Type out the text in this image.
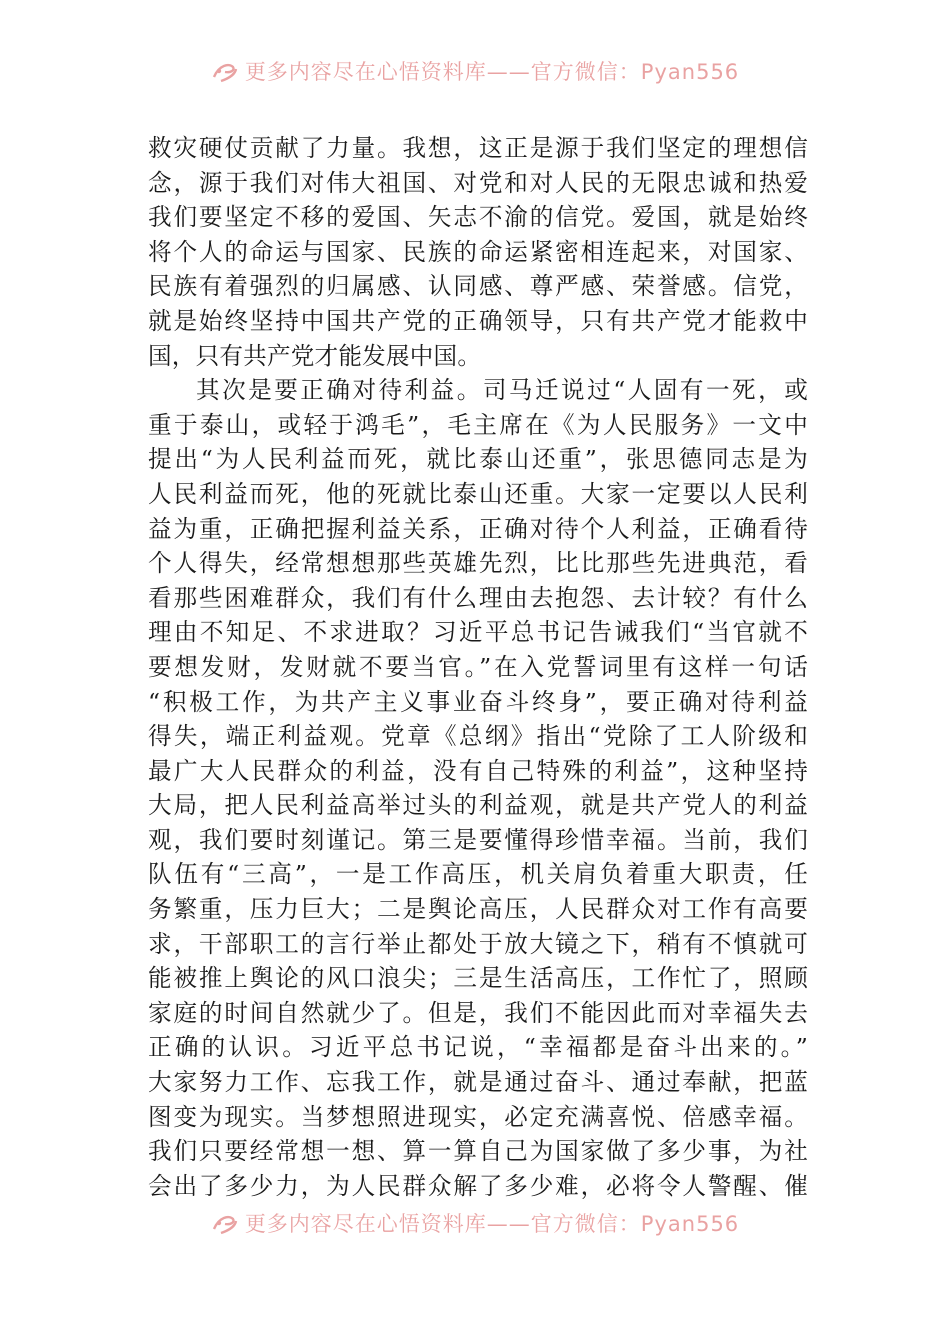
更多内容尽在心悟资料库——官方微信：Pyan556
救灾硬仗贡献了力量。我想，这正是源于我们坚定的理想信
念，源于我们对伟大祖国、对党和对人民的无限忠诚和热爱
我们要坚定不移的爱国、矢志不渝的信党。爱国，就是始终
将个人的命运与国家、民族的命运紧密相连起来，对国家、
民族有着强烈的归属感、认同感、尊严感、荣誉感。信党，
就是始终坚持中国共产党的正确领导，只有共产党才能救中
国，只有共产党才能发展中国。
其次是要正确对待利益。司马迁说过“人固有一死，或
重于泰山，或轻于鸿毛”，毛主席在《为人民服务》一文中
提出“为人民利益而死，就比泰山还重”，张思德同志是为
人民利益而死，他的死就比泰山还重。大家一定要以人民利
益为重，正确把握利益关系，正确对待个人利益，正确看待
个人得失，经常想想那些英雄先烈，比比那些先进典范，看
看那些困难群众，我们有什么理由去抱怨、去计较？有什么
理由不知足、不求进取？习近平总书记告诫我们“当官就不
要想发财，发财就不要当官。”在入党誓词里有这样一句话
“积极工作，为共产主义事业奋斗终身”，要正确对待利益
得失，端正利益观。党章《总纲》指出“党除了工人阶级和
最广大人民群众的利益，没有自己特殊的利益”，这种坚持
大局，把人民利益高举过头的利益观，就是共产党人的利益
观，我们要时刻谨记。第三是要懂得珍惜幸福。当前，我们
队伍有“三高”，一是工作高压，机关肩负着重大职责，任
务繁重，压力巨大；二是舆论高压，人民群众对工作有高要
求，干部职工的言行举止都处于放大镜之下，稍有不慎就可
能被推上舆论的风口浪尖；三是生活高压，工作忙了，照顾
家庭的时间自然就少了。但是，我们不能因此而对幸福失去
正确的认识。习近平总书记说，“幸福都是奋斗出来的。”
大家努力工作、忘我工作，就是通过奋斗、通过奉献，把蓝
图变为现实。当梦想照进现实，必定充满喜悦、倍感幸福。
我们只要经常想一想、算一算自己为国家做了多少事，为社
会出了多少力，为人民群众解了多少难，必将令人警醒、催
更多内容尽在心悟资料库——官方微信：Pyan556
